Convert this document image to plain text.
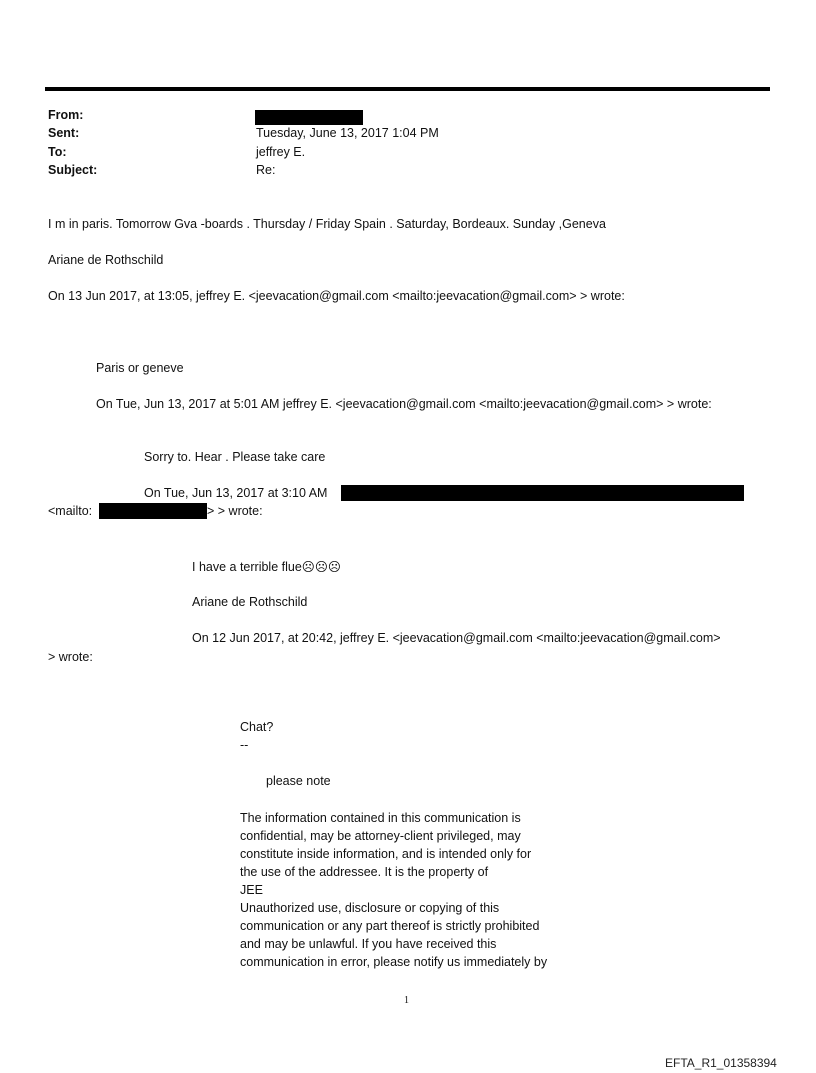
From:
Sent:	Tuesday, June 13, 2017 1:04 PM
To:	jeffrey E.
Subject:	Re:
I m in paris. Tomorrow Gva -boards . Thursday / Friday Spain . Saturday, Bordeaux. Sunday ,Geneva
Ariane de Rothschild
On 13 Jun 2017, at 13:05, jeffrey E. <jeevacation@gmail.com <mailto:jeevacation@gmail.com> > wrote:
Paris or geneve
On Tue, Jun 13, 2017 at 5:01 AM jeffrey E. <jeevacation@gmail.com <mailto:jeevacation@gmail.com> > wrote:
Sorry to. Hear . Please take care
On Tue, Jun 13, 2017 at 3:10 AM
<mailto:	> > wrote:
I have a terrible flue☹☹☹
Ariane de Rothschild
On 12 Jun 2017, at 20:42, jeffrey E. <jeevacation@gmail.com <mailto:jeevacation@gmail.com>
> wrote:
Chat?
--
please note
The information contained in this communication is
confidential, may be attorney-client privileged, may
constitute inside information, and is intended only for
the use of the addressee. It is the property of
JEE
Unauthorized use, disclosure or copying of this
communication or any part thereof is strictly prohibited
and may be unlawful. If you have received this
communication in error, please notify us immediately by
1
EFTA_R1_01358394
